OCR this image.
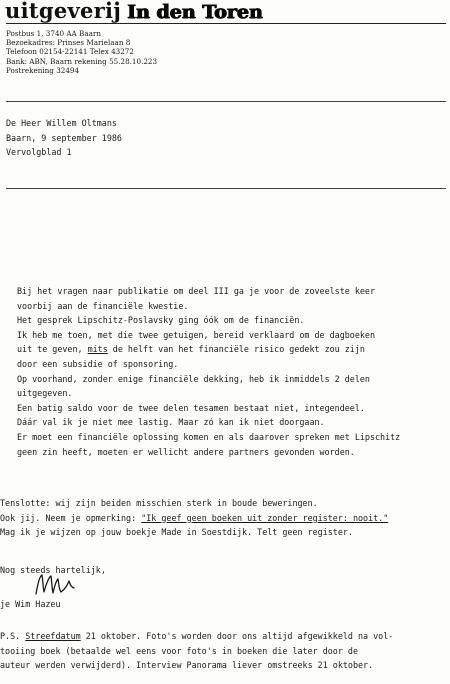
uitgeverij In den Toren
Postbus 1, 3740 AA Baarn
Bezoekadres: Prinses Marielaan 8
Telefoon 02154-22141 Telex 43272
Bank: ABN, Baarn rekening 55.28.10.223
Postrekening 32494
De Heer Willem Oltmans
Baarn, 9 september 1986
Vervolgblad 1
Bij het vragen naar publikatie om deel III ga je voor de zoveelste keer
voorbij aan de financiële kwestie.
Het gesprek Lipschitz-Poslavsky ging óók om de financiën.
Ik heb me toen, met die twee getuigen, bereid verklaard om de dagboeken
uit te geven, mits de helft van het financiële risico gedekt zou zijn
door een subsidie of sponsoring.
Op voorhand, zonder enige financiële dekking, heb ik inmiddels 2 delen
uitgegeven.
Een batig saldo voor de twee delen tesamen bestaat niet, integendeel.
Dáár val ik je niet mee lastig. Maar zó kan ik niet doorgaan.
Er moet een financiële oplossing komen en als daarover spreken met Lipschitz
geen zin heeft, moeten er wellicht andere partners gevonden worden.
Tenslotte: wij zijn beiden misschien sterk in boude beweringen.
Ook jij. Neem je opmerking: "Ik geef geen boeken uit zonder register: nooit."
Mag ik je wijzen op jouw boekje Made in Soestdijk. Telt geen register.
Nog steeds hartelijk,
je Wim Hazeu
P.S. Streefdatum 21 oktober. Foto's worden door ons altijd afgewikkeld na vol-
tooiing boek (betaalde wel eens voor foto's in boeken die later door de
auteur werden verwijderd). Interview Panorama liever omstreeks 21 oktober.
